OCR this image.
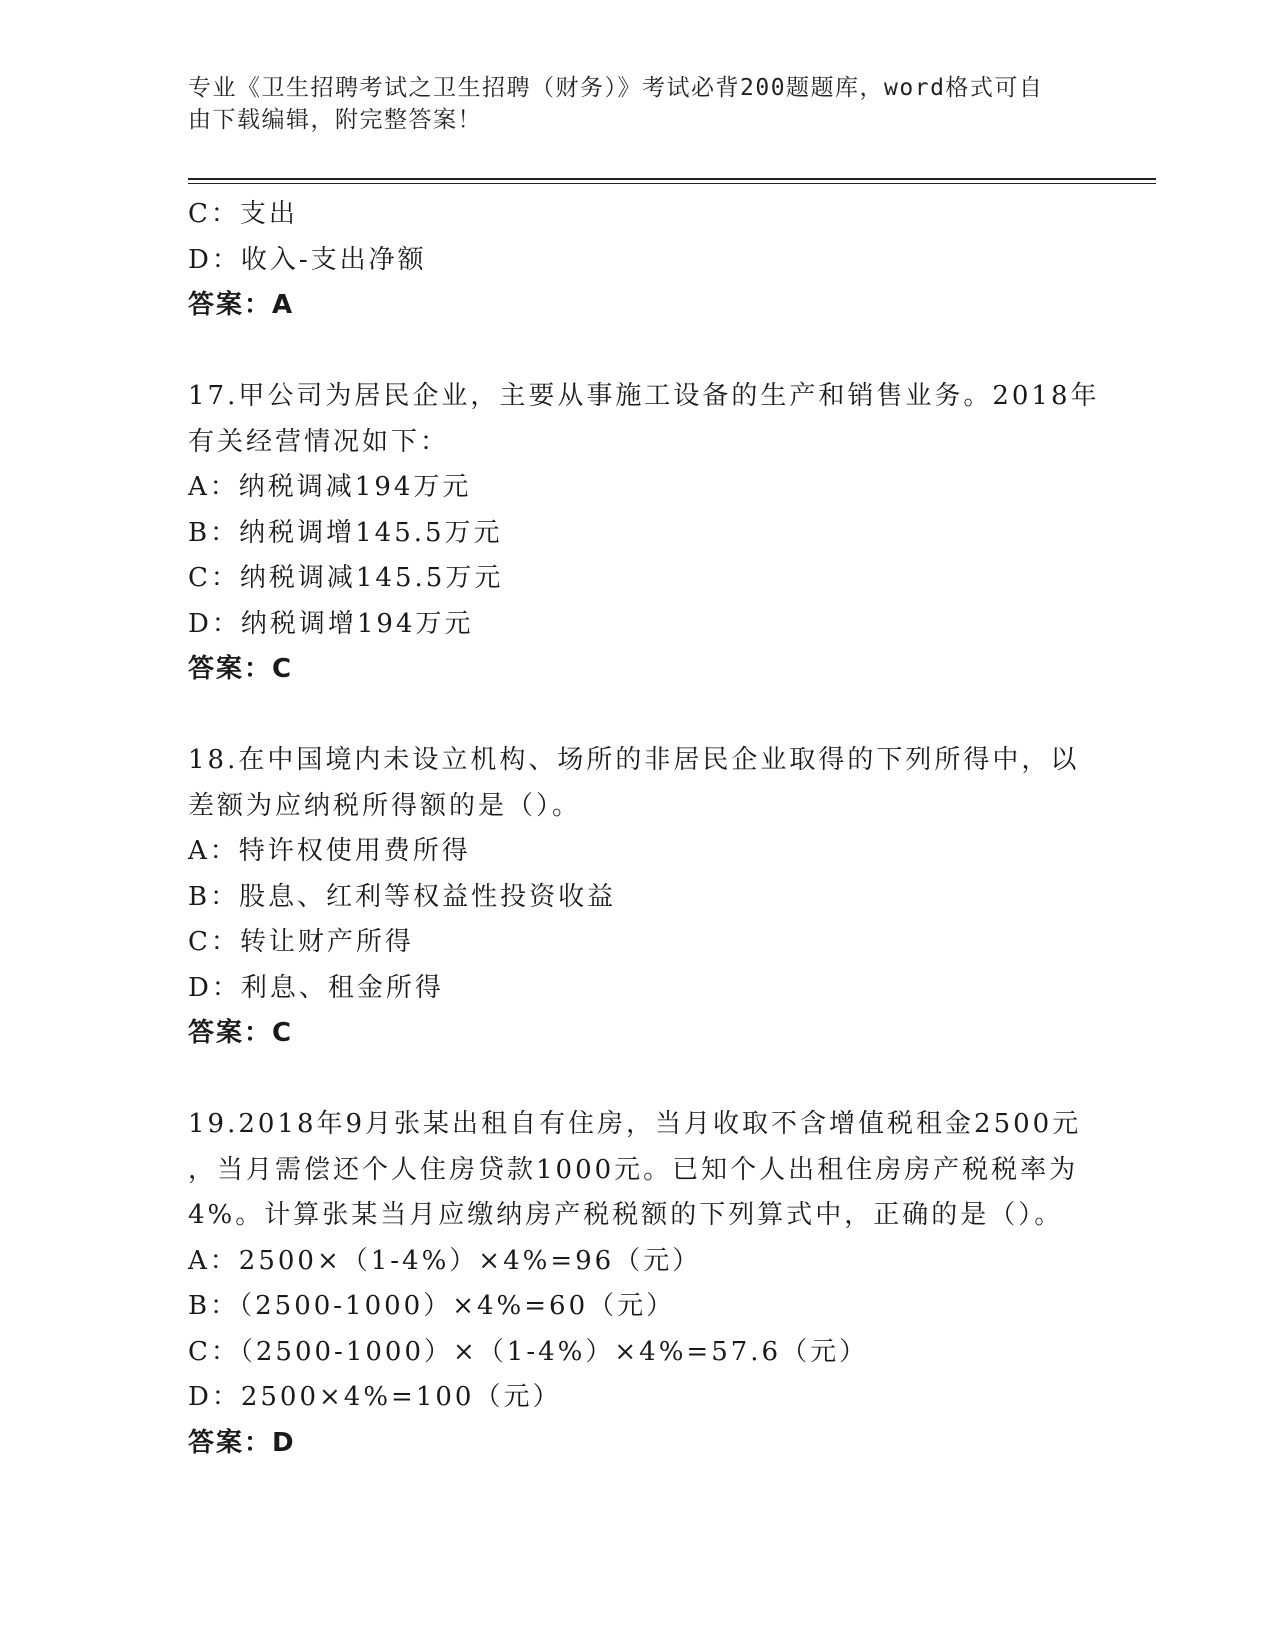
专业《卫生招聘考试之卫生招聘（财务）》考试必背200题题库，word格式可自
由下载编辑，附完整答案！
C：支出
D：收入-支出净额
答案：A
17.甲公司为居民企业，主要从事施工设备的生产和销售业务。2018年
有关经营情况如下：
A：纳税调减194万元
B：纳税调增145.5万元
C：纳税调减145.5万元
D：纳税调增194万元
答案：C
18.在中国境内未设立机构、场所的非居民企业取得的下列所得中，以
差额为应纳税所得额的是（）。
A：特许权使用费所得
B：股息、红利等权益性投资收益
C：转让财产所得
D：利息、租金所得
答案：C
19.2018年9月张某出租自有住房，当月收取不含增值税租金2500元
，当月需偿还个人住房贷款1000元。已知个人出租住房房产税税率为
4%。计算张某当月应缴纳房产税税额的下列算式中，正确的是（）。
A：2500×（1-4%）×4%=96（元）
B：（2500-1000）×4%=60（元）
C：（2500-1000）×（1-4%）×4%=57.6（元）
D：2500×4%=100（元）
答案：D
